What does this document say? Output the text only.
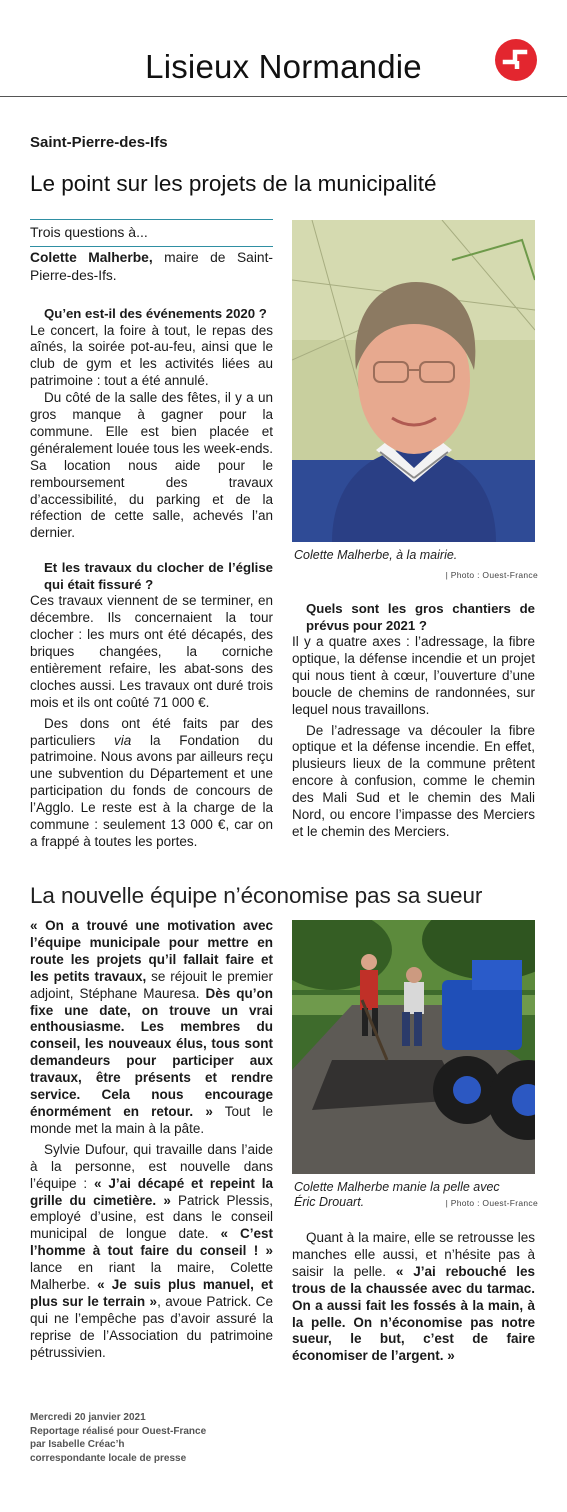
Lisieux Normandie
Saint-Pierre-des-Ifs
Le point sur les projets de la municipalité
Trois questions à...

Colette Malherbe, maire de Saint-Pierre-des-Ifs.

Qu’en est-il des événements 2020 ?

Le concert, la foire à tout, le repas des aînés, la soirée pot-au-feu, ainsi que le club de gym et les activités liées au patrimoine : tout a été annulé.

Du côté de la salle des fêtes, il y a un gros manque à gagner pour la commune. Elle est bien placée et généralement louée tous les week-ends. Sa location nous aide pour le remboursement des travaux d’accessibilité, du parking et de la réfection de cette salle, achevés l’an dernier.

Et les travaux du clocher de l’église qui était fissuré ?

Ces travaux viennent de se terminer, en décembre. Ils concernaient la tour clocher : les murs ont été décapés, des briques changées, la corniche entièrement refaire, les abat-sons des cloches aussi. Les travaux ont duré trois mois et ils ont coûté 71 000 €.

Des dons ont été faits par des particuliers via la Fondation du patrimoine. Nous avons par ailleurs reçu une subvention du Département et une participation du fonds de concours de l’Agglo. Le reste est à la charge de la commune : seulement 13 000 €, car on a frappé à toutes les portes.

Colette Malherbe, à la mairie.
| Photo : Ouest-France

Quels sont les gros chantiers de prévus pour 2021 ?

Il y a quatre axes : l’adressage, la fibre optique, la défense incendie et un projet qui nous tient à cœur, l’ouverture d’une boucle de chemins de randonnées, sur lequel nous travaillons.

De l’adressage va découler la fibre optique et la défense incendie. En effet, plusieurs lieux de la commune prêtent encore à confusion, comme le chemin des Mali Sud et le chemin des Mali Nord, ou encore l’impasse des Merciers et le chemin des Merciers.

La nouvelle équipe n’économise pas sa sueur

« On a trouvé une motivation avec l’équipe municipale pour mettre en route les projets qu’il fallait faire et les petits travaux, se réjouit le premier adjoint, Stéphane Mauresa. Dès qu’on fixe une date, on trouve un vrai enthousiasme. Les membres du conseil, les nouveaux élus, tous sont demandeurs pour participer aux travaux, être présents et rendre service. Cela nous encourage énormément en retour. » Tout le monde met la main à la pâte.

Sylvie Dufour, qui travaille dans l’aide à la personne, est nouvelle dans l’équipe : « J’ai décapé et repeint la grille du cimetière. » Patrick Plessis, employé d’usine, est dans le conseil municipal de longue date. « C’est l’homme à tout faire du conseil ! » lance en riant la maire, Colette Malherbe. « Je suis plus manuel, et plus sur le terrain », avoue Patrick. Ce qui ne l’empêche pas d’avoir assuré la reprise de l’Association du patrimoine pétrussivien.

Colette Malherbe manie la pelle avec Éric Drouart.	| Photo : Ouest-France

Quant à la maire, elle se retrousse les manches elle aussi, et n’hésite pas à saisir la pelle. « J’ai rebouché les trous de la chaussée avec du tarmac. On a aussi fait les fossés à la main, à la pelle. On n’économise pas notre sueur, le but, c’est de faire économiser de l’argent. »

Mercredi 20 janvier 2021
Reportage réalisé pour Ouest-France
par Isabelle Créac’h
correspondante locale de presse
